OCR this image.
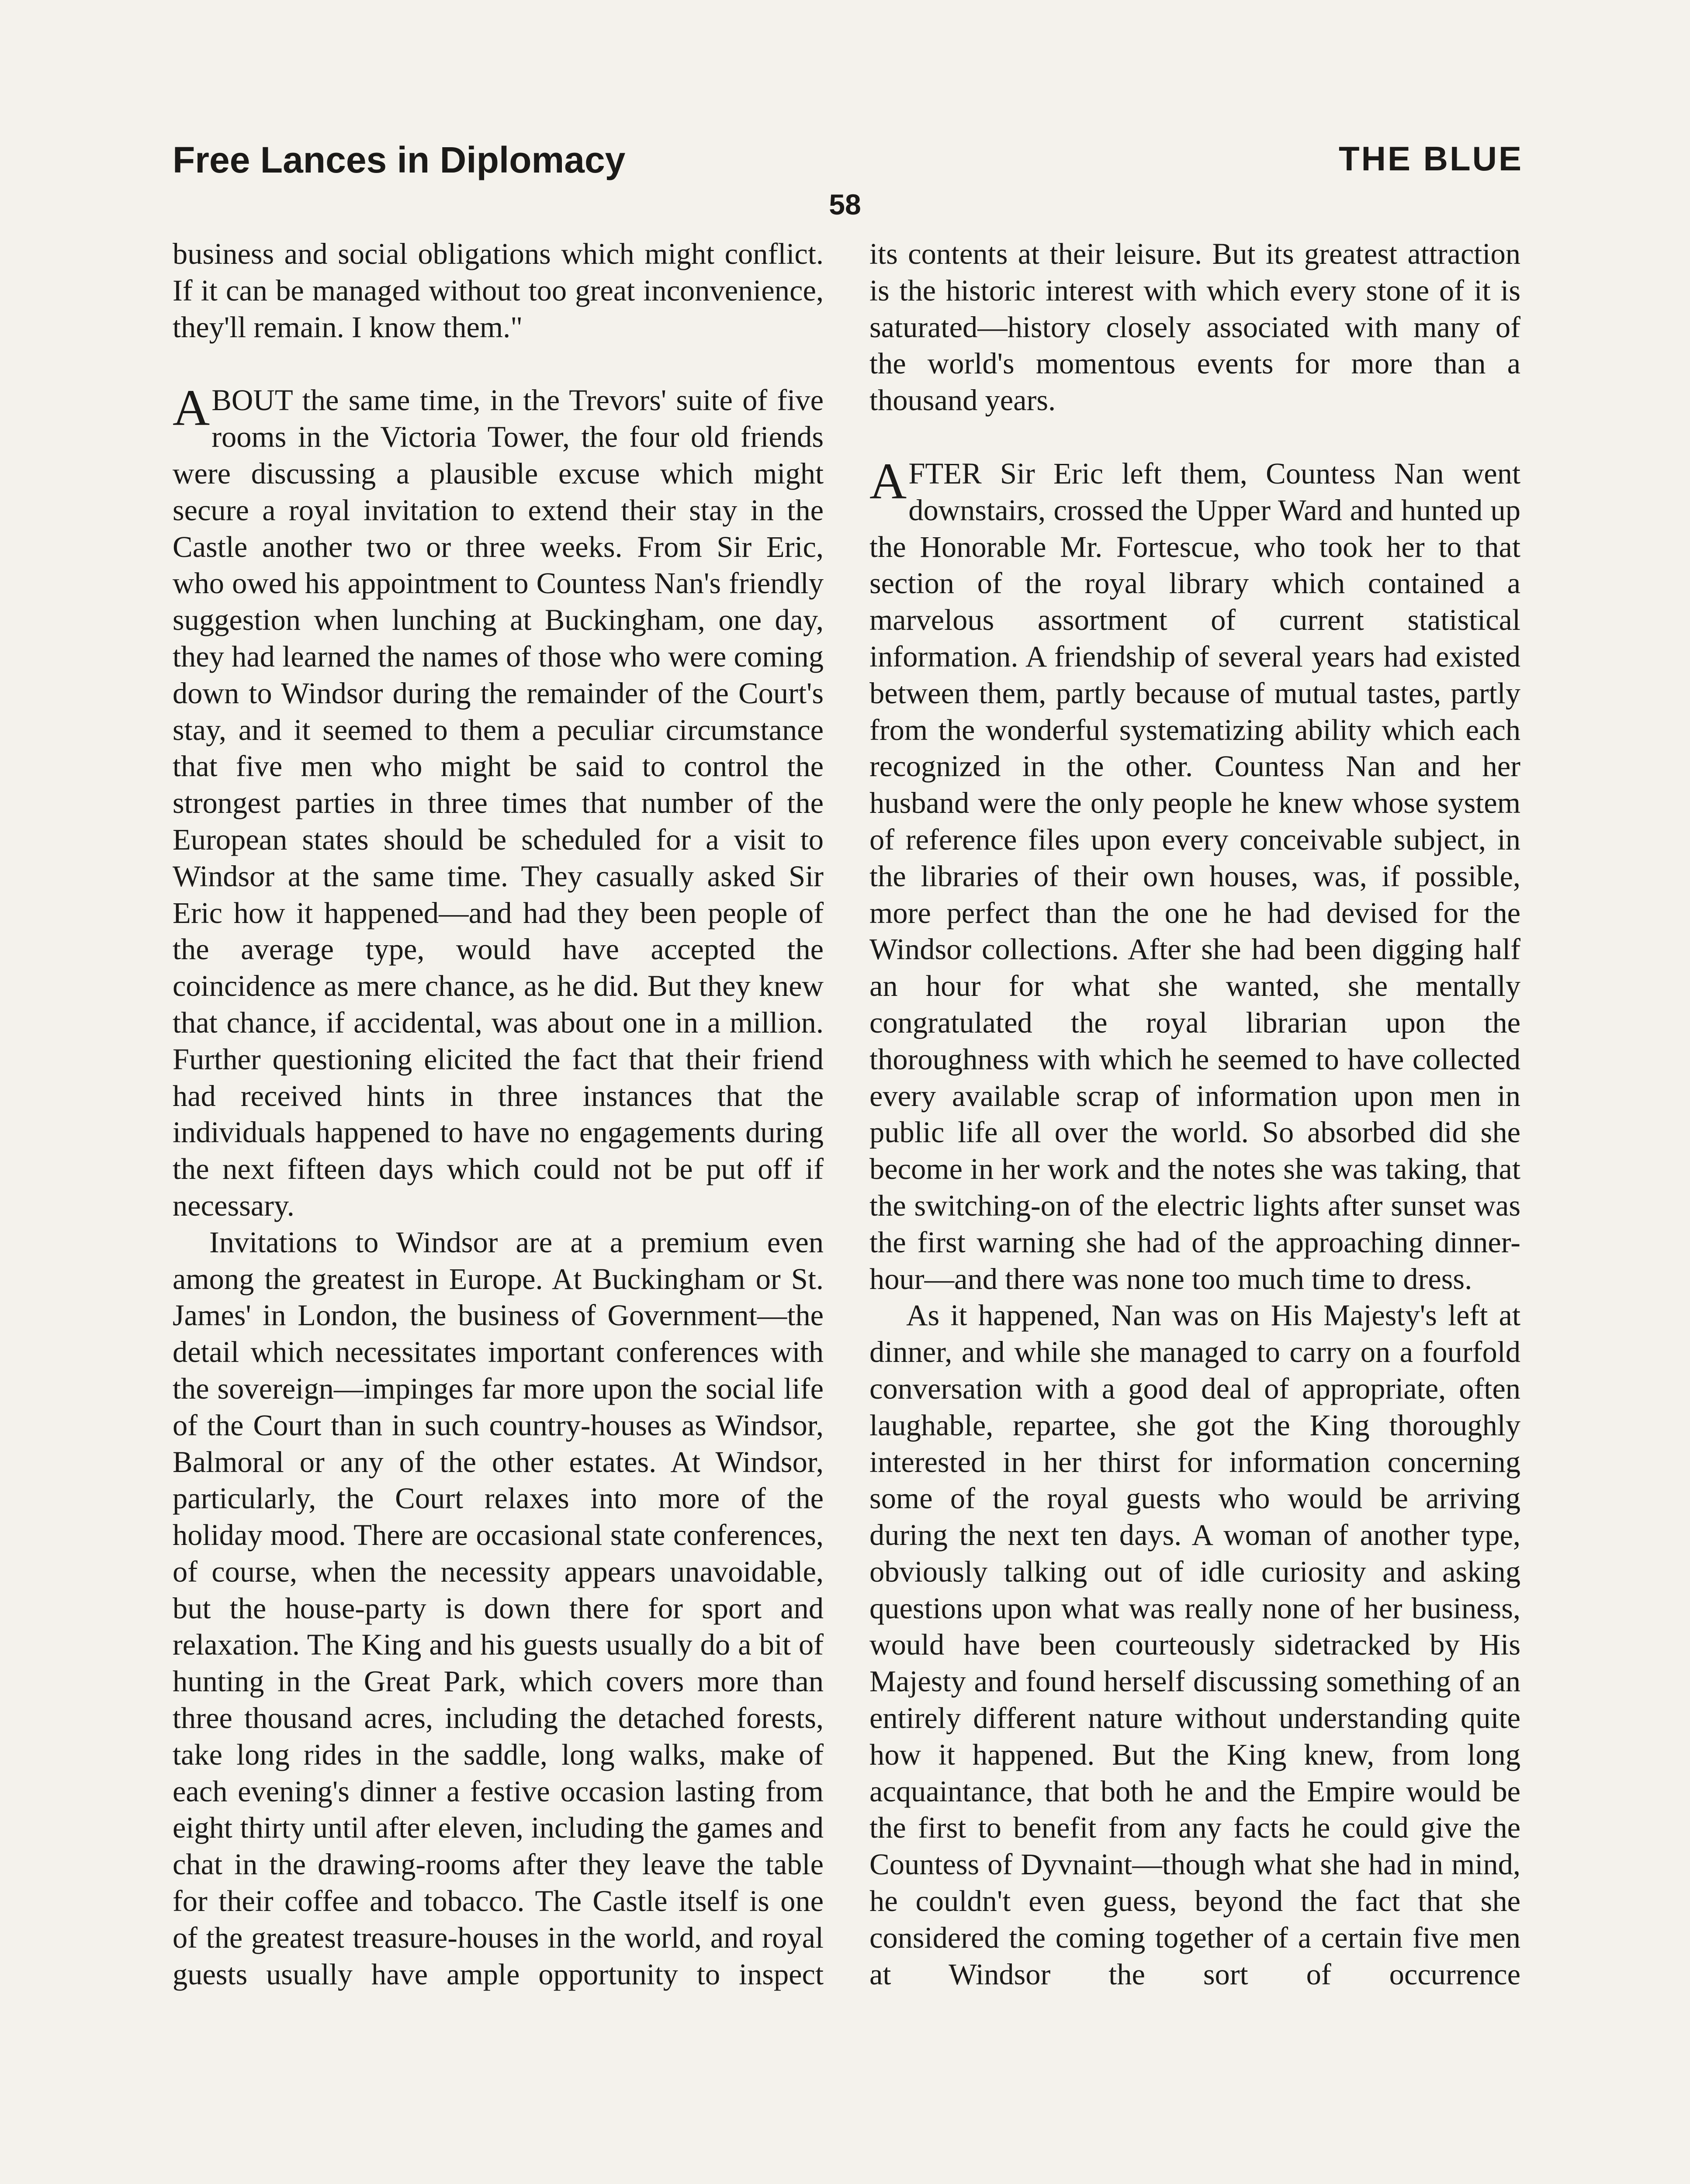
Free Lances in Diplomacy	THE BLUE
58

business and social obligations which might conflict. If it can be managed without too great inconvenience, they'll remain. I know them."

ABOUT the same time, in the Trevors' suite of five rooms in the Victoria Tower, the four old friends were discussing a plausible excuse which might secure a royal invitation to extend their stay in the Castle another two or three weeks. From Sir Eric, who owed his appointment to Countess Nan's friendly suggestion when lunching at Buckingham, one day, they had learned the names of those who were coming down to Windsor during the remainder of the Court's stay, and it seemed to them a peculiar circumstance that five men who might be said to control the strongest parties in three times that number of the European states should be scheduled for a visit to Windsor at the same time. They casually asked Sir Eric how it happened—and had they been people of the average type, would have accepted the coincidence as mere chance, as he did. But they knew that chance, if accidental, was about one in a million. Further questioning elicited the fact that their friend had received hints in three instances that the individuals happened to have no engagements during the next fifteen days which could not be put off if necessary.

Invitations to Windsor are at a premium even among the greatest in Europe. At Buckingham or St. James' in London, the business of Government—the detail which necessitates important conferences with the sovereign—impinges far more upon the social life of the Court than in such country-houses as Windsor, Balmoral or any of the other estates. At Windsor, particularly, the Court relaxes into more of the holiday mood. There are occasional state conferences, of course, when the necessity appears unavoidable, but the house-party is down there for sport and relaxation. The King and his guests usually do a bit of hunting in the Great Park, which covers more than three thousand acres, including the detached forests, take long rides in the saddle, long walks, make of each evening's dinner a festive occasion lasting from eight thirty until after eleven, including the games and chat in the drawing-rooms after they leave the table for their coffee and tobacco. The Castle itself is one of the greatest treasure-houses in the world, and royal guests usually have ample opportunity to inspect

its contents at their leisure. But its greatest attraction is the historic interest with which every stone of it is saturated—history closely associated with many of the world's momentous events for more than a thousand years.

AFTER Sir Eric left them, Countess Nan went downstairs, crossed the Upper Ward and hunted up the Honorable Mr. Fortescue, who took her to that section of the royal library which contained a marvelous assortment of current statistical information. A friendship of several years had existed between them, partly because of mutual tastes, partly from the wonderful systematizing ability which each recognized in the other. Countess Nan and her husband were the only people he knew whose system of reference files upon every conceivable subject, in the libraries of their own houses, was, if possible, more perfect than the one he had devised for the Windsor collections. After she had been digging half an hour for what she wanted, she mentally congratulated the royal librarian upon the thoroughness with which he seemed to have collected every available scrap of information upon men in public life all over the world. So absorbed did she become in her work and the notes she was taking, that the switching-on of the electric lights after sunset was the first warning she had of the approaching dinner-hour—and there was none too much time to dress.

As it happened, Nan was on His Majesty's left at dinner, and while she managed to carry on a fourfold conversation with a good deal of appropriate, often laughable, repartee, she got the King thoroughly interested in her thirst for information concerning some of the royal guests who would be arriving during the next ten days. A woman of another type, obviously talking out of idle curiosity and asking questions upon what was really none of her business, would have been courteously sidetracked by His Majesty and found herself discussing something of an entirely different nature without understanding quite how it happened. But the King knew, from long acquaintance, that both he and the Empire would be the first to benefit from any facts he could give the Countess of Dyvnaint—though what she had in mind, he couldn't even guess, beyond the fact that she considered the coming together of a certain five men at Windsor the sort of occurrence
